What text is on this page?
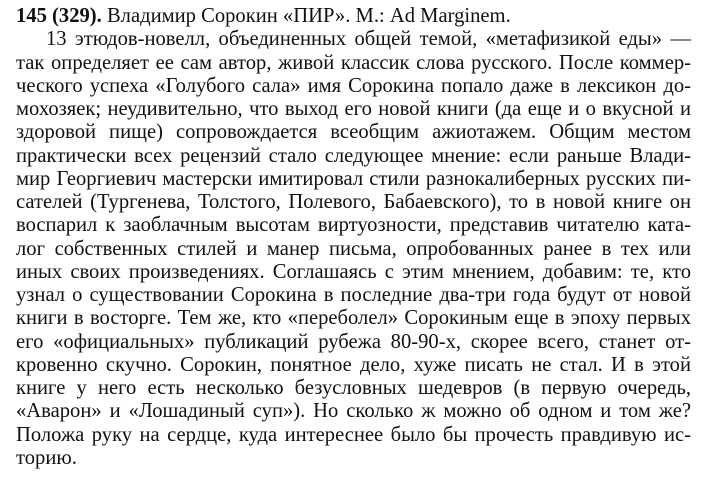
145 (329). Владимир Сорокин «ПИР». М.: Ad Marginem.
13 этюдов-новелл, объединенных общей темой, «метафизикой еды» —
так определяет ее сам автор, живой классик слова русского. После коммер-
ческого успеха «Голубого сала» имя Сорокина попало даже в лексикон до-
мохозяек; неудивительно, что выход его новой книги (да еще и о вкусной и
здоровой пище) сопровождается всеобщим ажиотажем. Общим местом
практически всех рецензий стало следующее мнение: если раньше Влади-
мир Георгиевич мастерски имитировал стили разнокалиберных русских пи-
сателей (Тургенева, Толстого, Полевого, Бабаевского), то в новой книге он
воспарил к заоблачным высотам виртуозности, представив читателю ката-
лог собственных стилей и манер письма, опробованных ранее в тех или
иных своих произведениях. Соглашаясь с этим мнением, добавим: те, кто
узнал о существовании Сорокина в последние два-три года будут от новой
книги в восторге. Тем же, кто «переболел» Сорокиным еще в эпоху первых
его «официальных» публикаций рубежа 80-90-х, скорее всего, станет от-
кровенно скучно. Сорокин, понятное дело, хуже писать не стал. И в этой
книге у него есть несколько безусловных шедевров (в первую очередь,
«Аварон» и «Лошадиный суп»). Но сколько ж можно об одном и том же?
Положа руку на сердце, куда интереснее было бы прочесть правдивую ис-
торию.
